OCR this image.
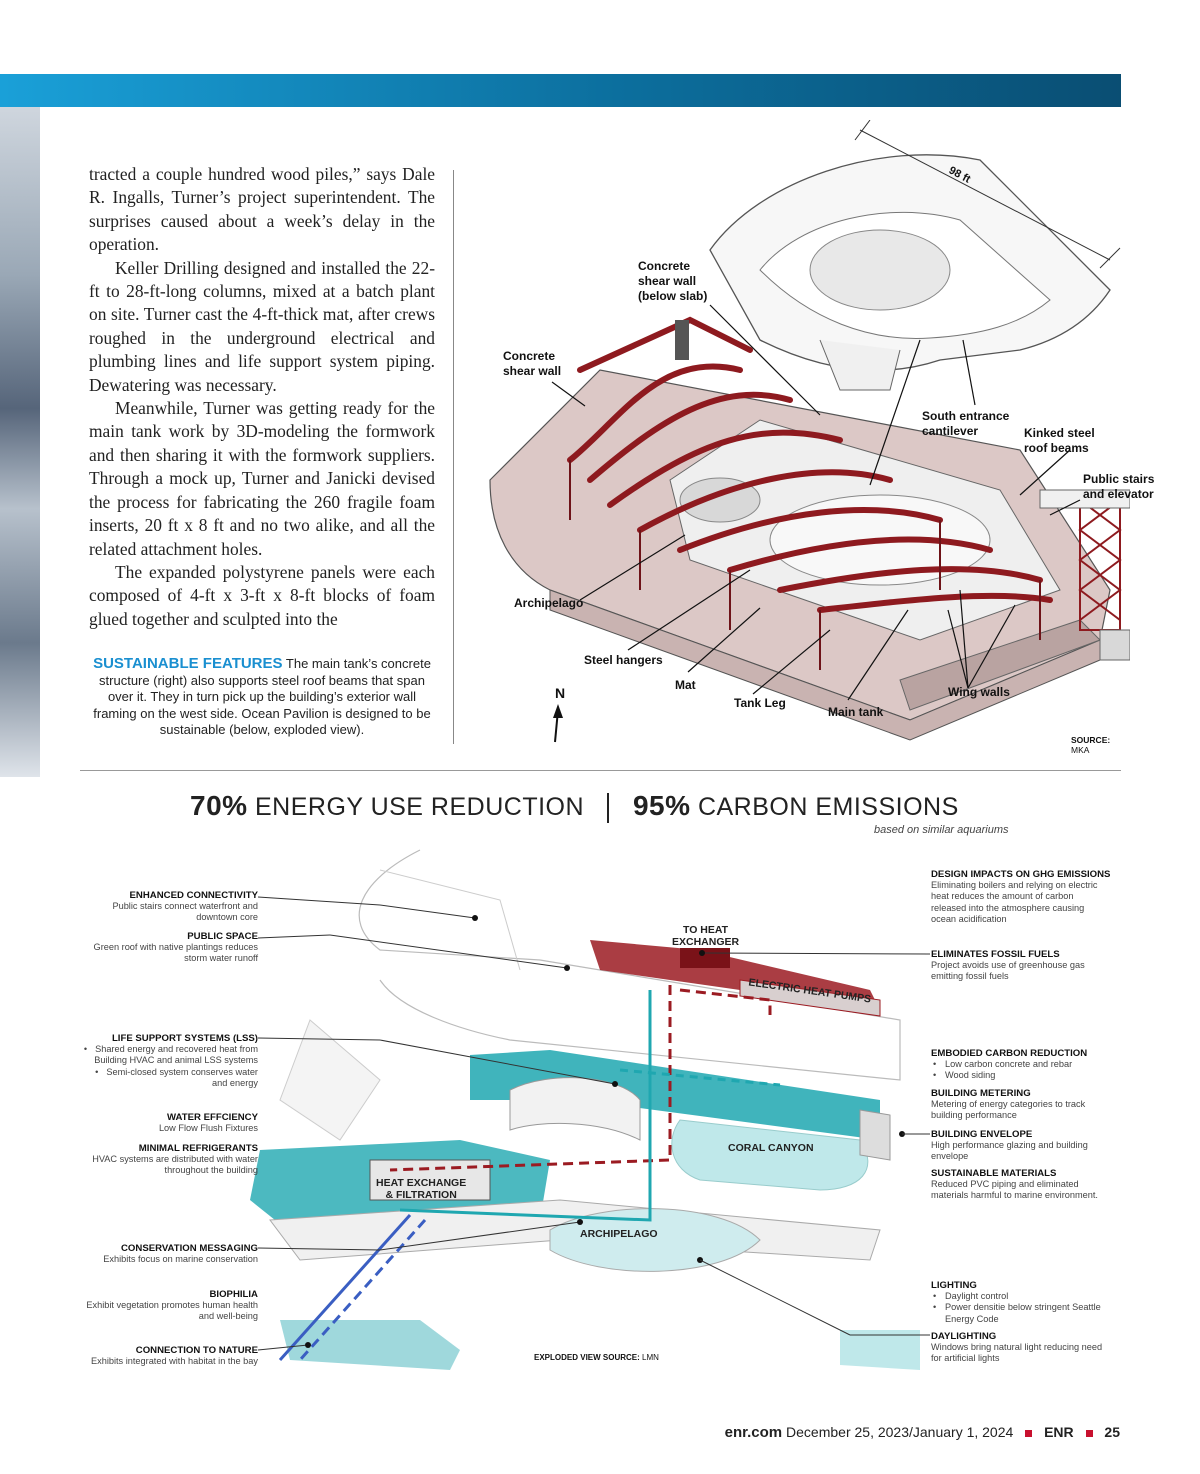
tracted a couple hundred wood piles,” says Dale R. Ingalls, Turner’s project superintendent. The surprises caused about a week’s delay in the operation.

Keller Drilling designed and installed the 22-ft to 28-ft-long columns, mixed at a batch plant on site. Turner cast the 4-ft-thick mat, after crews roughed in the underground electrical and plumbing lines and life support system piping. Dewatering was necessary.

Meanwhile, Turner was getting ready for the main tank work by 3D-modeling the formwork and then sharing it with the formwork suppliers. Through a mock up, Turner and Janicki devised the process for fabricating the 260 fragile foam inserts, 20 ft x 8 ft and no two alike, and all the related attachment holes.

The expanded polystyrene panels were each composed of 4-ft x 3-ft x 8-ft blocks of foam glued together and sculpted into the

SUSTAINABLE FEATURES The main tank’s concrete structure (right) also supports steel roof beams that span over it. They in turn pick up the building’s exterior wall framing on the west side. Ocean Pavilion is designed to be sustainable (below, exploded view).
98 ft
Concrete
shear wall
(below slab)
Concrete
shear wall
South entrance
cantilever	Kinked steel
roof beams
Public stairs
and elevator
Archipelago
Steel hangers
Mat
Tank Leg
Main tank
Wing walls
N
SOURCE: MKA
70% ENERGY USE REDUCTION 95% CARBON EMISSIONS
based on similar aquariums
TO HEAT
EXCHANGER
ELECTRIC HEAT PUMPS
CORAL CANYON
HEAT EXCHANGE
& FILTRATION
ARCHIPELAGO
ENHANCED CONNECTIVITY
Public stairs connect waterfront and downtown core
PUBLIC SPACE
Green roof with native plantings reduces storm water runoff
LIFE SUPPORT SYSTEMS (LSS)
• Shared energy and recovered heat from Building HVAC and animal LSS systems
• Semi-closed system conserves water and energy
WATER EFFCIENCY
Low Flow Flush Fixtures
MINIMAL REFRIGERANTS
HVAC systems are distributed with water throughout the building
CONSERVATION MESSAGING
Exhibits focus on marine conservation
BIOPHILIA
Exhibit vegetation promotes human health and well-being
CONNECTION TO NATURE
Exhibits integrated with habitat in the bay
DESIGN IMPACTS ON GHG EMISSIONS
Eliminating boilers and relying on electric heat reduces the amount of carbon released into the atmosphere causing ocean acidification
ELIMINATES FOSSIL FUELS
Project avoids use of greenhouse gas emitting fossil fuels
EMBODIED CARBON REDUCTION
• Low carbon concrete and rebar
• Wood siding
BUILDING METERING
Metering of energy categories to track building performance
BUILDING ENVELOPE
High performance glazing and building envelope
SUSTAINABLE MATERIALS
Reduced PVC piping and eliminated materials harmful to marine environment.
LIGHTING
• Daylight control
• Power densitie below stringent Seattle Energy Code
DAYLIGHTING
Windows bring natural light reducing need for artificial lights
EXPLODED VIEW SOURCE: LMN
enr.com December 25, 2023/January 1, 2024 ENR 25
